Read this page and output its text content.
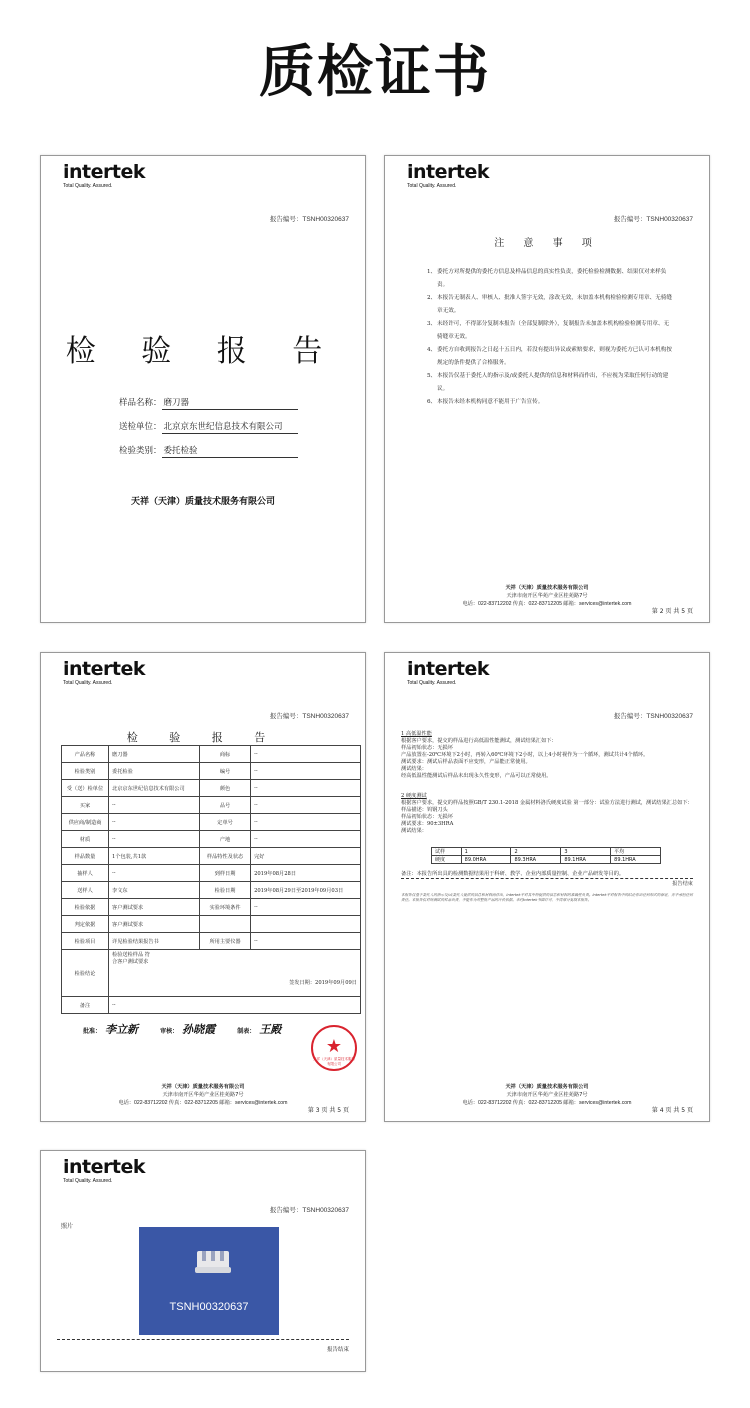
质检证书
intertek
Total Quality. Assured.
报告编号：TSNH00320637
检 验 报 告
样品名称： 磨刀器
送检单位： 北京京东世纪信息技术有限公司
检验类别： 委托检验
天祥（天津）质量技术服务有限公司
intertek
Total Quality. Assured.
报告编号：TSNH00320637
注 意 事 项
1、 委托方对所提供的委托方信息及样品信息的真实性负责，委托检验检测数据、结果仅对来样负责。
2、 本报告无制表人、审核人、批准人签字无效，涂改无效，未加盖本机构检验检测专用章、无骑缝章无效。
3、 未经许可，不得部分复制本报告（全部复制除外），复制报告未加盖本机构检验检测专用章、无骑缝章无效。
4、 委托方自收到报告之日起十五日内，若没有提出异议或索赔要求，则视为委托方已认可本机构按规定的条件提供了合格服务。
5、 本报告仅基于委托人的指示及/或委托人提供的信息和材料而作出，不应视为采取任何行动的建议。
6、 本报告未经本机构同意不能用于广告宣传。
天祥（天津）质量技术服务有限公司
天津市南开区华苑产业区桂苑路7号
电话：022-83712202 传真：022-83712205 邮箱：services@intertek.com
第 2 页 共 5 页
intertek
Total Quality. Assured.
报告编号：TSNH00320637
检 验 报 告
产品名称	磨刀器	商标	--
检验类别	委托检验	编号	--
受（送）检单位	北京京东世纪信息技术有限公司	颜色	--
买家	--	品号	--
供应商/制造商	--	定单号	--
材质	--	产地	--
样品数量	1个包装,共1款	样品特性及状态	完好
抽样人	--	到样日期	2019年08月28日
送样人	李文东	检验日期	2019年08月29日至2019年09月03日
检验依据	客户测试要求	实验环境条件	--
判定依据	客户测试要求		
检验项目	详见检验结果报告书	所用主要仪器	--
检验结论	检验送检样品 符合客户测试要求
签发日期：2019年09月09日		

备注	--		
批准： 李立新	审核： 孙晓霞	制表： 王殿
★
天祥（天津）质量技术服务有限公司
天祥（天津）质量技术服务有限公司
天津市南开区华苑产业区桂苑路7号
电话：022-83712202 传真：022-83712205 邮箱：services@intertek.com
第 3 页 共 5 页
intertek
Total Quality. Assured.
报告编号：TSNH00320637
1 高低温性能
根据客户要求，提交的样品进行高低温性能测试，测试结果汇如下：
样品初始状态：无损坏
产品放置在-20℃环境下2小时，再转入60℃环境下2小时，以上4小时视作为一个循环，测试共计4个循环。
测试要求：测试后样品表面不应变形，产品能正常使用。
测试结果：
经高低温性能测试后样品未出现永久性变形，产品可以正常使用。
2 硬度测试
根据客户要求，提交的样品按照GB/T 230.1-2018 金属材料洛氏硬度试验 第一部分：试验方法进行测试，测试结果汇总如下：
样品描述：钨钢刀头
样品初始状态：无损坏
测试要求：90±3HRA
测试结果：
试样	1	2	3	平均
硬度	89.0HRA	89.3HRA	89.1HRA	89.1HRA
备注：本报告所出具的检测数据结果用于科研、教学、企业内部质量控制、企业产品研发等目的。
报告结束
本报告仅基于委托人的指示及/或委托人提供的信息和材料而作出，Intertek不对其中所提供的信息和材料的准确性负责。Intertek不对报告中的结论作出任何形式的保证，亦不承担任何责任。本报告仅对所测试的样品负责，不能作为对整批产品的评价依据。未经Intertek书面许可，不得部分复制本报告。
天祥（天津）质量技术服务有限公司
天津市南开区华苑产业区桂苑路7号
电话：022-83712202 传真：022-83712205 邮箱：services@intertek.com
第 4 页 共 5 页
intertek
Total Quality. Assured.
报告编号：TSNH00320637
照片
TSNH00320637
报告结束
